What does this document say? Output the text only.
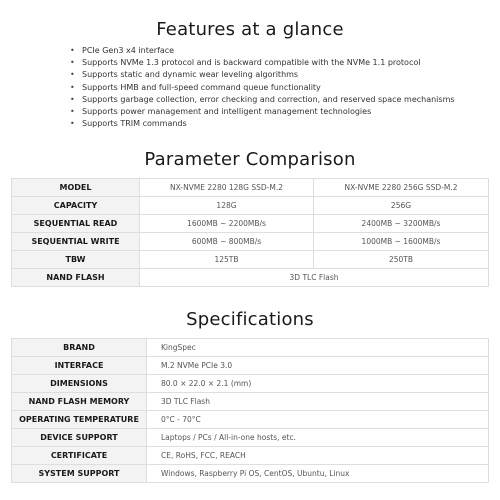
Features at a glance
• PCIe Gen3 x4 interface
• Supports NVMe 1.3 protocol and is backward compatible with the NVMe 1.1 protocol
• Supports static and dynamic wear leveling algorithms
• Supports HMB and full-speed command queue functionality
• Supports garbage collection, error checking and correction, and reserved space mechanisms
• Supports power management and intelligent management technologies
• Supports TRIM commands
Parameter Comparison
MODEL	NX-NVME 2280 128G SSD-M.2	NX-NVME 2280 256G SSD-M.2
CAPACITY	128G	256G
SEQUENTIAL READ	1600MB ~ 2200MB/s	2400MB ~ 3200MB/s
SEQUENTIAL WRITE	600MB ~ 800MB/s	1000MB ~ 1600MB/s
TBW	125TB	250TB
NAND FLASH	3D TLC Flash	
Specifications
BRAND	KingSpec
INTERFACE	M.2 NVMe PCIe 3.0
DIMENSIONS	80.0 × 22.0 × 2.1 (mm)
NAND FLASH MEMORY	3D TLC Flash
OPERATING TEMPERATURE	0°C - 70°C
DEVICE SUPPORT	Laptops / PCs / All-in-one hosts, etc.
CERTIFICATE	CE, RoHS, FCC, REACH
SYSTEM SUPPORT	Windows, Raspberry Pi OS, CentOS, Ubuntu, Linux
